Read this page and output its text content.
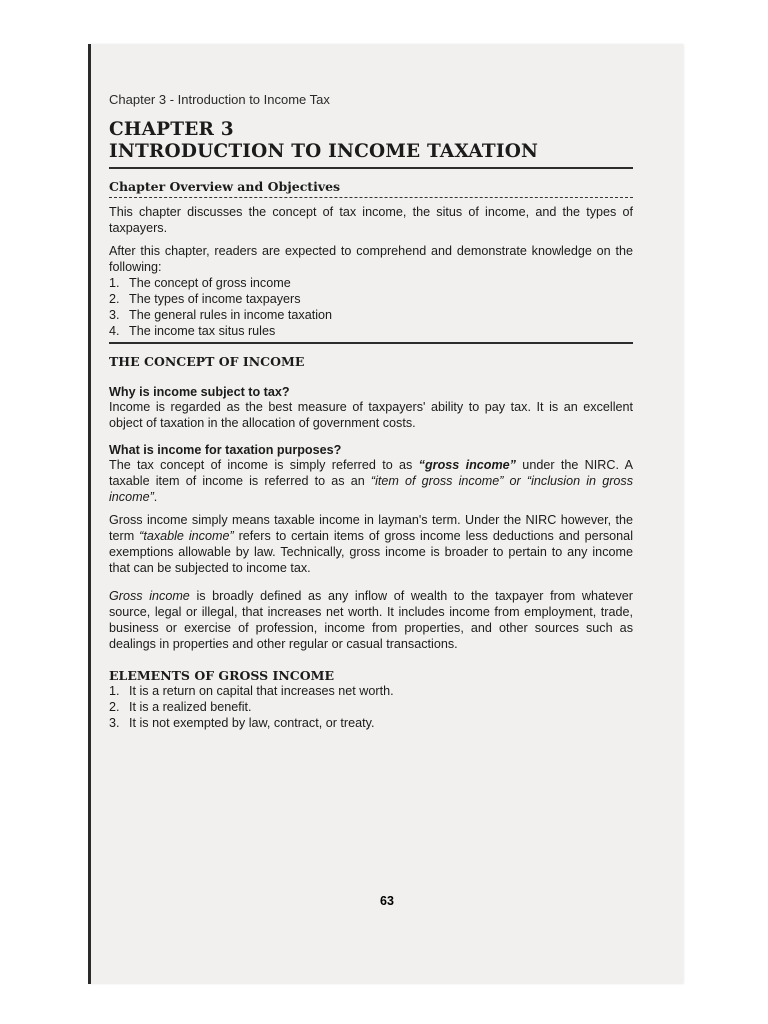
Chapter 3 - Introduction to Income Tax
CHAPTER 3
INTRODUCTION TO INCOME TAXATION
Chapter Overview and Objectives

This chapter discusses the concept of tax income, the situs of income, and the types of taxpayers.

After this chapter, readers are expected to comprehend and demonstrate knowledge on the following:

1. The concept of gross income
2. The types of income taxpayers
3. The general rules in income taxation
4. The income tax situs rules
THE CONCEPT OF INCOME
Why is income subject to tax?

Income is regarded as the best measure of taxpayers' ability to pay tax. It is an excellent object of taxation in the allocation of government costs.

What is income for taxation purposes?

The tax concept of income is simply referred to as “gross income” under the NIRC. A taxable item of income is referred to as an “item of gross income” or “inclusion in gross income”.

Gross income simply means taxable income in layman's term. Under the NIRC however, the term “taxable income” refers to certain items of gross income less deductions and personal exemptions allowable by law. Technically, gross income is broader to pertain to any income that can be subjected to income tax.

Gross income is broadly defined as any inflow of wealth to the taxpayer from whatever source, legal or illegal, that increases net worth. It includes income from employment, trade, business or exercise of profession, income from properties, and other sources such as dealings in properties and other regular or casual transactions.

ELEMENTS OF GROSS INCOME
1. It is a return on capital that increases net worth.
2. It is a realized benefit.
3. It is not exempted by law, contract, or treaty.
63
